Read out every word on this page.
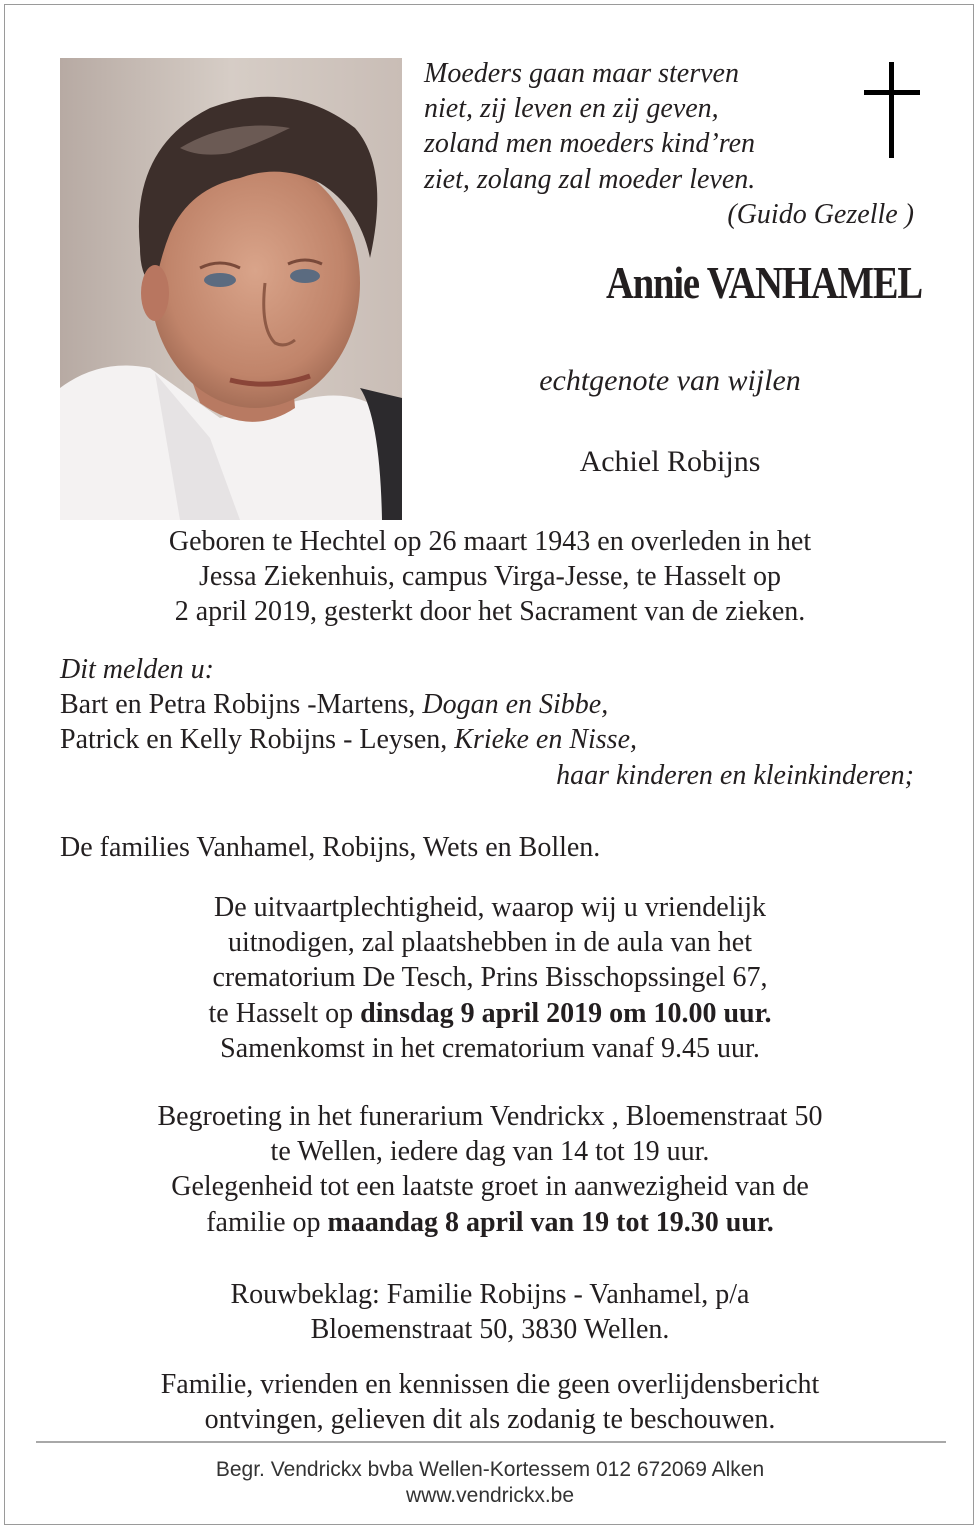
Moeders gaan maar sterven
niet, zij leven en zij geven,
zoland men moeders kind’ren
ziet, zolang zal moeder leven.
(Guido Gezelle )
Annie VANHAMEL
echtgenote van wijlen
Achiel Robijns
Geboren te Hechtel op 26 maart 1943 en overleden in het
Jessa Ziekenhuis, campus Virga-Jesse, te Hasselt op
2 april 2019, gesterkt door het Sacrament van de zieken.
Dit melden u:
Bart en Petra Robijns -Martens, Dogan en Sibbe,
Patrick en Kelly Robijns - Leysen, Krieke en Nisse,
haar kinderen en kleinkinderen;
De families Vanhamel, Robijns, Wets en Bollen.
De uitvaartplechtigheid, waarop wij u vriendelijk
uitnodigen, zal plaatshebben in de aula van het
crematorium De Tesch, Prins Bisschopssingel 67,
te Hasselt op dinsdag 9 april 2019 om 10.00 uur.
Samenkomst in het crematorium vanaf 9.45 uur.
Begroeting in het funerarium Vendrickx , Bloemenstraat 50
te Wellen, iedere dag van 14 tot 19 uur.
Gelegenheid tot een laatste groet in aanwezigheid van de
familie op maandag 8 april van 19 tot 19.30 uur.
Rouwbeklag: Familie Robijns - Vanhamel, p/a
Bloemenstraat 50, 3830 Wellen.
Familie, vrienden en kennissen die geen overlijdensbericht
ontvingen, gelieven dit als zodanig te beschouwen.
Begr. Vendrickx bvba Wellen-Kortessem 012 672069 Alken
www.vendrickx.be
